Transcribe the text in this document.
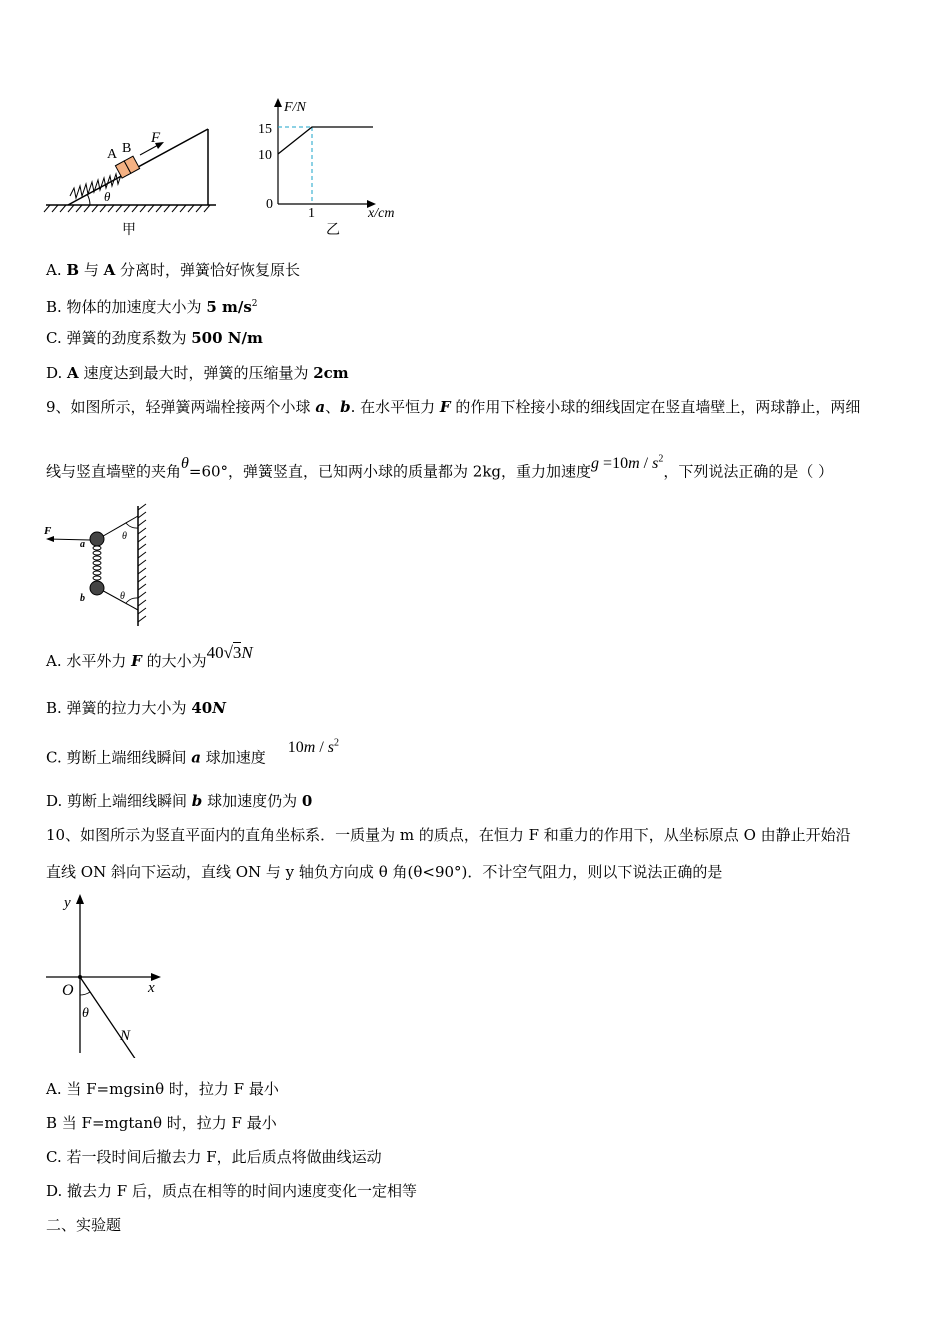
A B
F
θ
甲
F/N
15
10
0
1	x/cm
乙
A. B 与 A 分离时，弹簧恰好恢复原长
B. 物体的加速度大小为 5 $m/s^2$
C. 弹簧的劲度系数为 500 N/m
D. A 速度达到最大时，弹簧的压缩量为 2cm
9、如图所示，轻弹簧两端栓接两个小球 a、b. 在水平恒力 F 的作用下栓接小球的细线固定在竖直墙壁上，两球静止，两细
线与竖直墙壁的夹角θ=60°，弹簧竖直，已知两小球的质量都为 2kg，重力加速度$g =10m / s^2$，下列说法正确的是（ ）
F
a
b
θ
θ
A. 水平外力 F 的大小为40√3N
B. 弹簧的拉力大小为 40N
C. 剪断上端细线瞬间 a 球加速度$10m / s^2$
D. 剪断上端细线瞬间 b 球加速度仍为 0
10、如图所示为竖直平面内的直角坐标系．一质量为 m 的质点，在恒力 F 和重力的作用下，从坐标原点 O 由静止开始沿
直线 ON 斜向下运动，直线 ON 与 y 轴负方向成 θ 角(θ<90°)．不计空气阻力，则以下说法正确的是
y
x
O
θ
N
A. 当 F=mgsinθ 时，拉力 F 最小
B 当 F=mgtanθ 时，拉力 F 最小
C. 若一段时间后撤去力 F，此后质点将做曲线运动
D. 撤去力 F 后，质点在相等的时间内速度变化一定相等
二、实验题
